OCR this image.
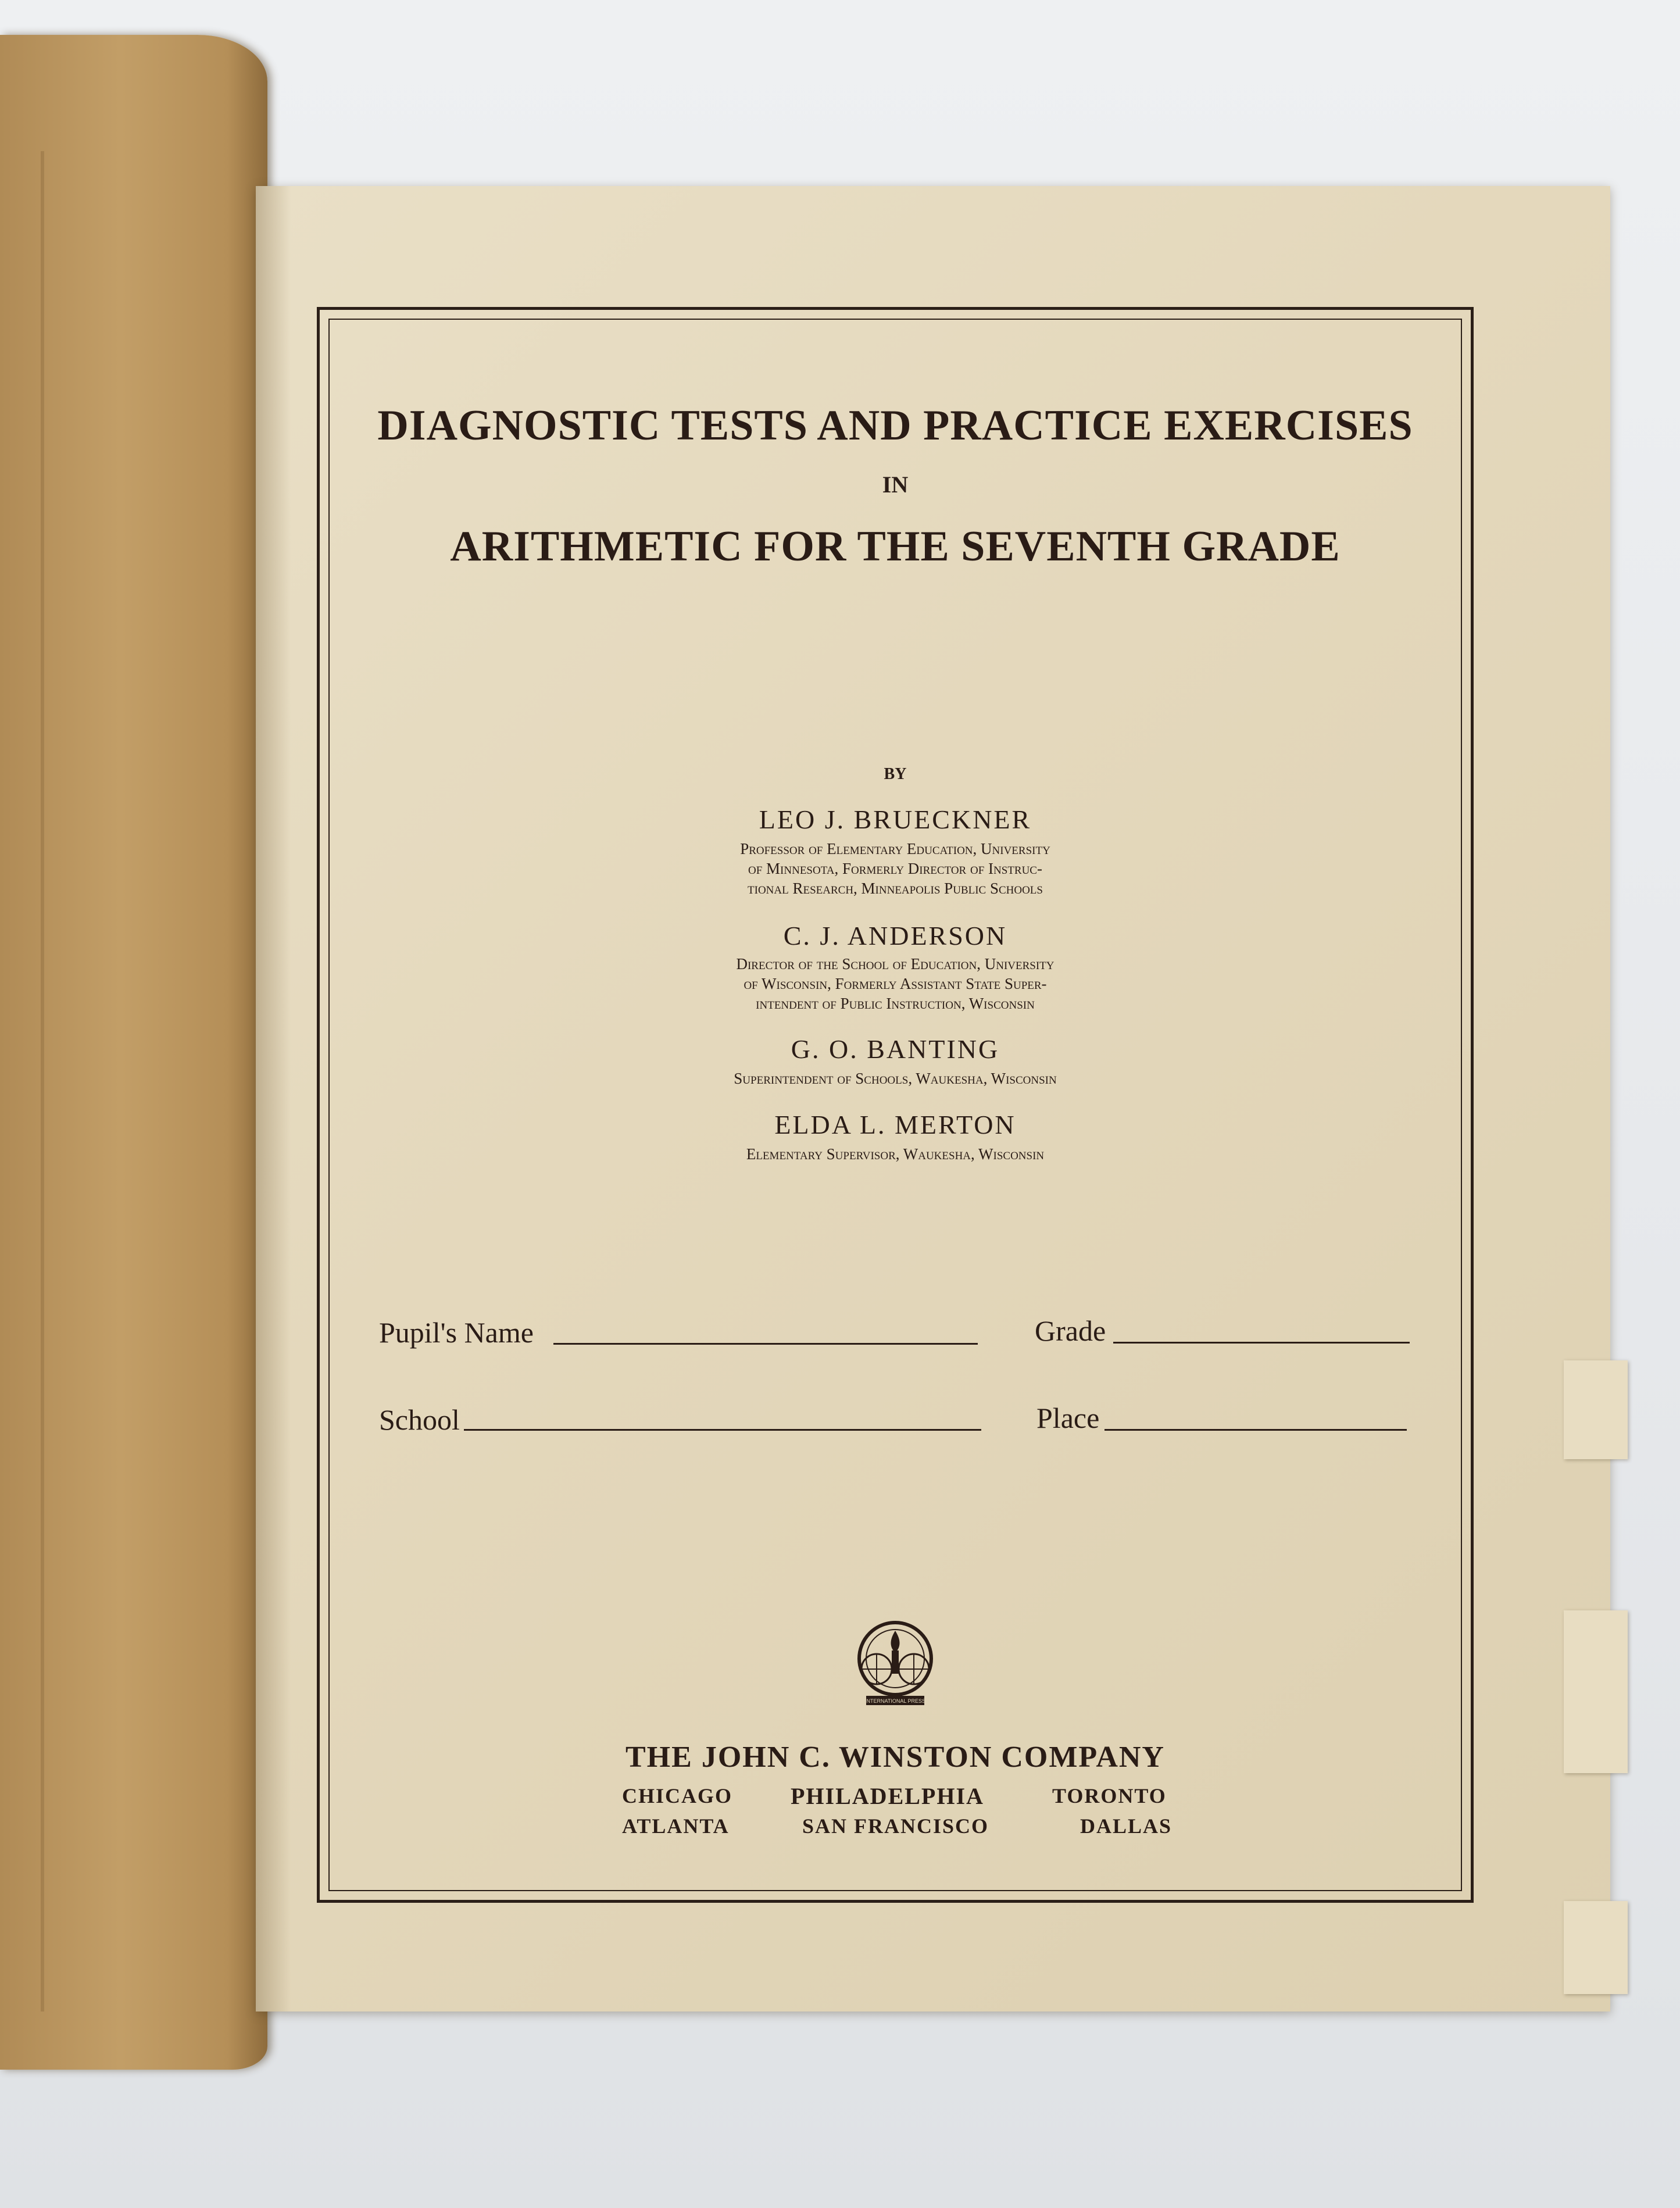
DIAGNOSTIC TESTS AND PRACTICE EXERCISES
IN
ARITHMETIC FOR THE SEVENTH GRADE
BY
LEO J. BRUECKNER
Professor of Elementary Education, University
of Minnesota, Formerly Director of Instruc-
tional Research, Minneapolis Public Schools
C. J. ANDERSON
Director of the School of Education, University
of Wisconsin, Formerly Assistant State Super-
intendent of Public Instruction, Wisconsin
G. O. BANTING
Superintendent of Schools, Waukesha, Wisconsin
ELDA L. MERTON
Elementary Supervisor, Waukesha, Wisconsin
Pupil's Name	Grade
School	Place
INTERNATIONAL PRESS
THE JOHN C. WINSTON COMPANY
CHICAGO PHILADELPHIA	TORONTO
ATLANTA	SAN FRANCISCO	DALLAS
